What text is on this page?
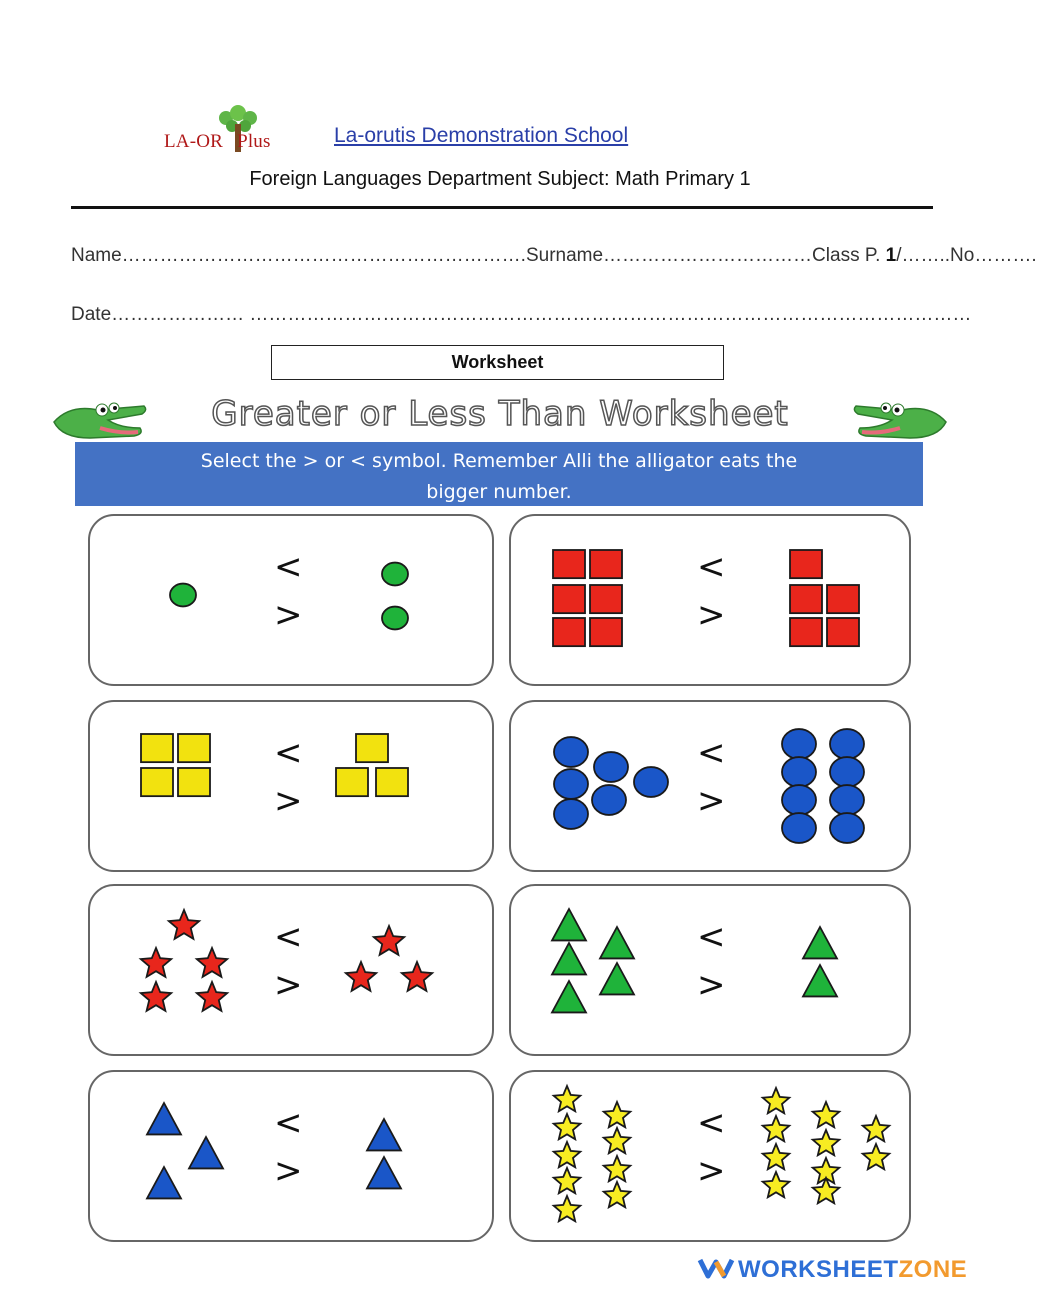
LA-OR Plus	La-orutis Demonstration School
Foreign Languages Department Subject: Math Primary 1
Name……………………………………………………….Surname……………………………Class P. 1/……..No……….
Date………………… ……………………………………………………………………………………………………
Worksheet
Greater or Less Than Worksheet
Select the > or < symbol. Remember Alli the alligator eats the
bigger number.
<
>
<
>
<
>
<
>
<
>
<
>
<
>
<
>
WORKSHEETZONE
